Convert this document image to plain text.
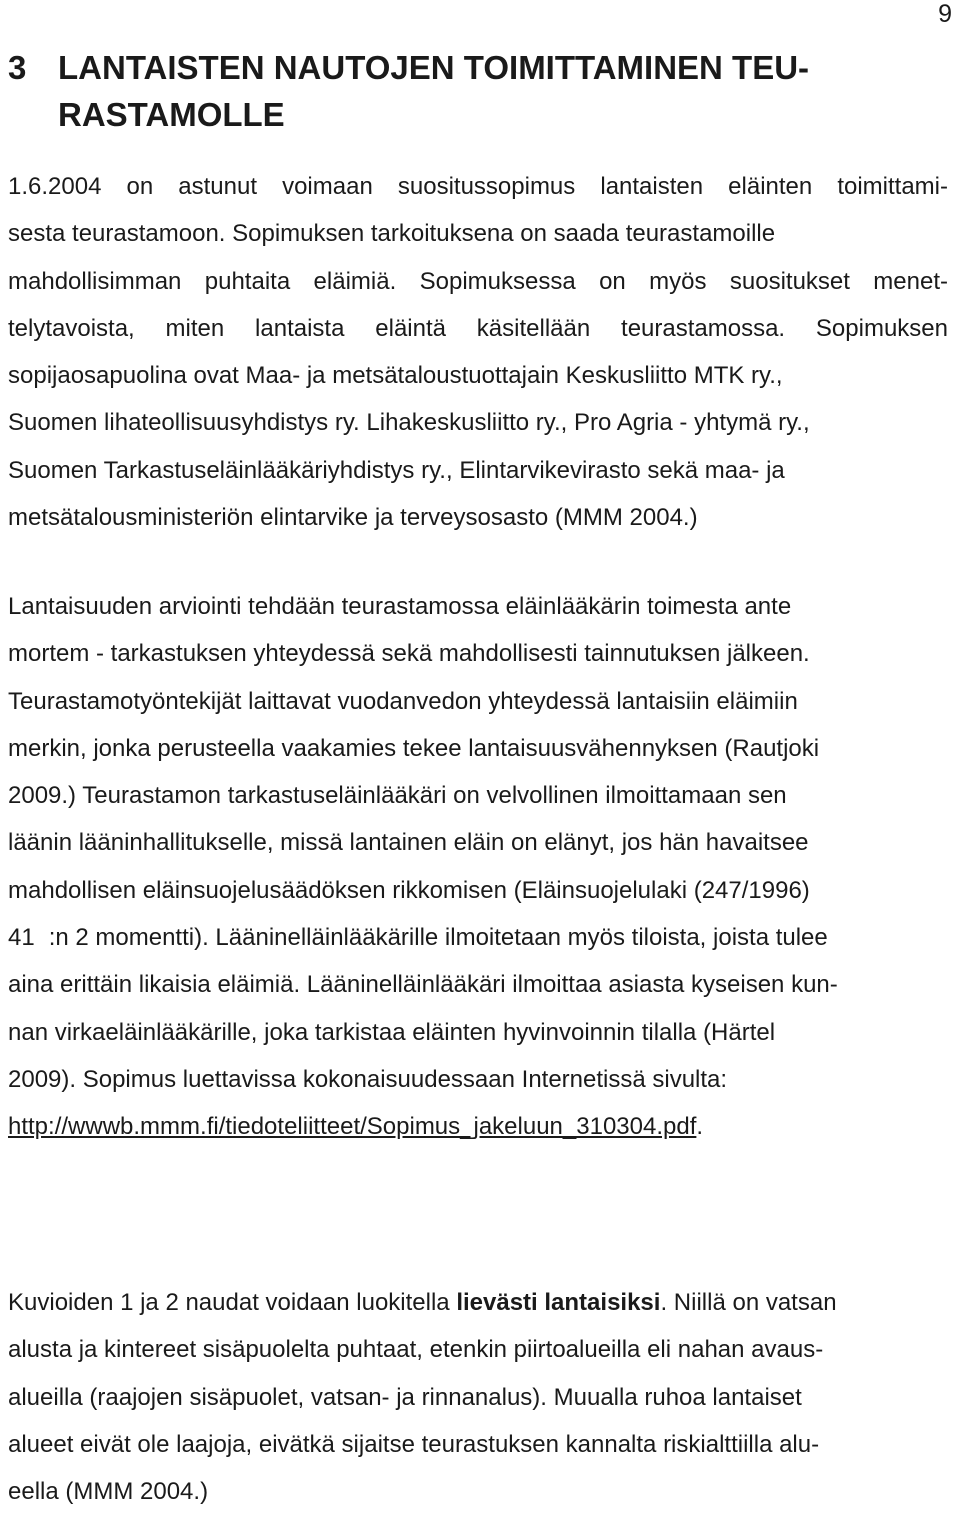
9
3 LANTAISTEN NAUTOJEN TOIMITTAMINEN TEU-
RASTAMOLLE
1.6.2004 on astunut voimaan suositussopimus lantaisten eläinten toimittami-
sesta teurastamoon. Sopimuksen tarkoituksena on saada teurastamoille
mahdollisimman puhtaita eläimiä. Sopimuksessa on myös suositukset menet-
telytavoista, miten lantaista eläintä käsitellään teurastamossa. Sopimuksen
sopijaosapuolina ovat Maa- ja metsätaloustuottajain Keskusliitto MTK ry.,
Suomen lihateollisuusyhdistys ry. Lihakeskusliitto ry., Pro Agria - yhtymä ry.,
Suomen Tarkastuseläinlääkäriyhdistys ry., Elintarvikevirasto sekä maa- ja
metsätalousministeriön elintarvike ja terveysosasto (MMM 2004.)
Lantaisuuden arviointi tehdään teurastamossa eläinlääkärin toimesta ante
mortem - tarkastuksen yhteydessä sekä mahdollisesti tainnutuksen jälkeen.
Teurastamotyöntekijät laittavat vuodanvedon yhteydessä lantaisiin eläimiin
merkin, jonka perusteella vaakamies tekee lantaisuusvähennyksen (Rautjoki
2009.) Teurastamon tarkastuseläinlääkäri on velvollinen ilmoittamaan sen
läänin lääninhallitukselle, missä lantainen eläin on elänyt, jos hän havaitsee
mahdollisen eläinsuojelusäädöksen rikkomisen (Eläinsuojelulaki (247/1996)
41 :n 2 momentti). Lääninelläinlääkärille ilmoitetaan myös tiloista, joista tulee
aina erittäin likaisia eläimiä. Lääninelläinlääkäri ilmoittaa asiasta kyseisen kun-
nan virkaeläinlääkärille, joka tarkistaa eläinten hyvinvoinnin tilalla (Härtel
2009). Sopimus luettavissa kokonaisuudessaan Internetissä sivulta:
http://wwwb.mmm.fi/tiedoteliitteet/Sopimus_jakeluun_310304.pdf.
Kuvioiden 1 ja 2 naudat voidaan luokitella lievästi lantaisiksi. Niillä on vatsan
alusta ja kintereet sisäpuolelta puhtaat, etenkin piirtoalueilla eli nahan avaus-
alueilla (raajojen sisäpuolet, vatsan- ja rinnanalus). Muualla ruhoa lantaiset
alueet eivät ole laajoja, eivätkä sijaitse teurastuksen kannalta riskialttiilla alu-
eella (MMM 2004.)
